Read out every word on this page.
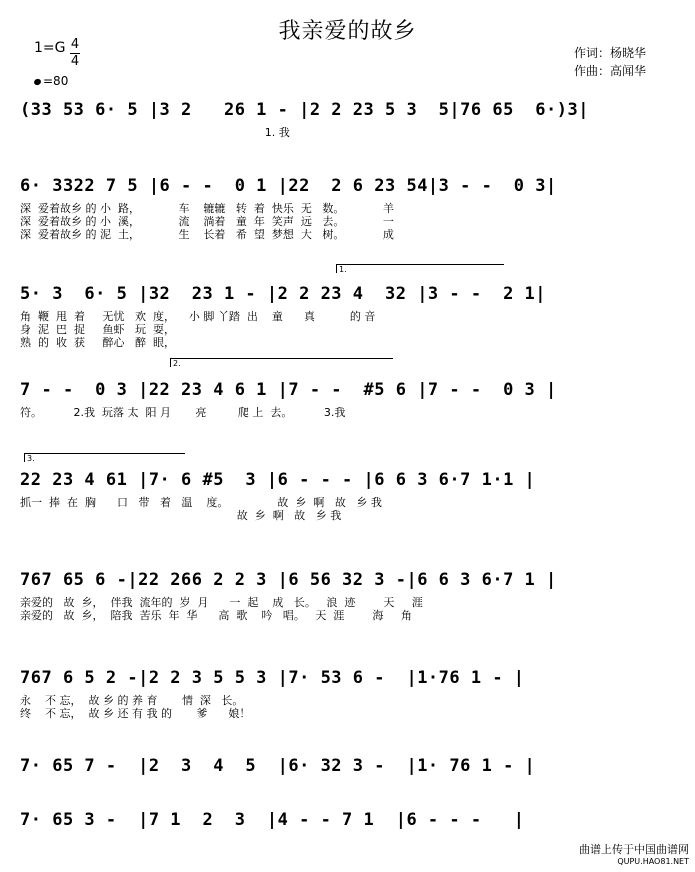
我亲爱的故乡
1=G 4
4
=80
作词：杨晓华
作曲：高闻华
(33 53 6· 5 |3 2   26 1 - |2 2 23 5 3  5|76 65  6·)3|
1. 我
6· 3322 7 5 |6 - -  0 1 |22  2 6 23 54|3 - -  0 3|
深  爱着故乡 的 小  路，           车    辘辘   转  着  快乐  无   数。           羊
深  爱着故乡 的 小  溪，           流    淌着   童  年  笑声  远   去。           一
深  爱着故乡 的 泥  土，           生    长着   希  望  梦想  大   树。           成
5· 3  6· 5 |32  23 1 - |2 2 23 4  32 |3 - -  2 1|
角  鞭  甩  着     无忧   欢  度，    小 脚 丫踏  出    童      真          的 音
身  泥  巴  捉     鱼虾   玩  耍，
熟  的  收  获     醉心   醉  眼，
7 - -  0 3 |22 23 4 6 1 |7 - -  #5 6 |7 - -  0 3 |
符。         2.我  玩落 太  阳 月       亮         爬 上  去。         3.我
22 23 4 61 |7· 6 #5  3 |6 - - - |6 6 3 6·7 1·1 |
抓一  捧  在  胸      口   带   着   温    度。              故  乡  啊   故   乡 我
故  乡  啊   故   乡 我
767 65 6 -|22 266 2 2 3 |6 56 32 3 -|6 6 3 6·7 1 |
亲爱的   故  乡，  伴我  流年的  岁  月      一  起    成   长。   浪  迹        天     涯
亲爱的   故  乡，  陪我  苦乐  年  华      高  歌    吟   唱。   天  涯        海     角
767 6 5 2 -|2 2 3 5 5 3 |7· 53 6 -  |1·76 1 - |
永    不 忘，  故 乡 的 养 育       情  深   长。
终    不 忘，  故 乡 还 有 我 的       爹      娘！
7· 65 7 -  |2  3  4  5  |6· 32 3 -  |1· 76 1 - |
7· 65 3 -  |7 1  2  3  |4 - - 7 1  |6 - - -   |
曲谱上传于中国曲谱网
QUPU.HAO81.NET
1.
2.
3.
